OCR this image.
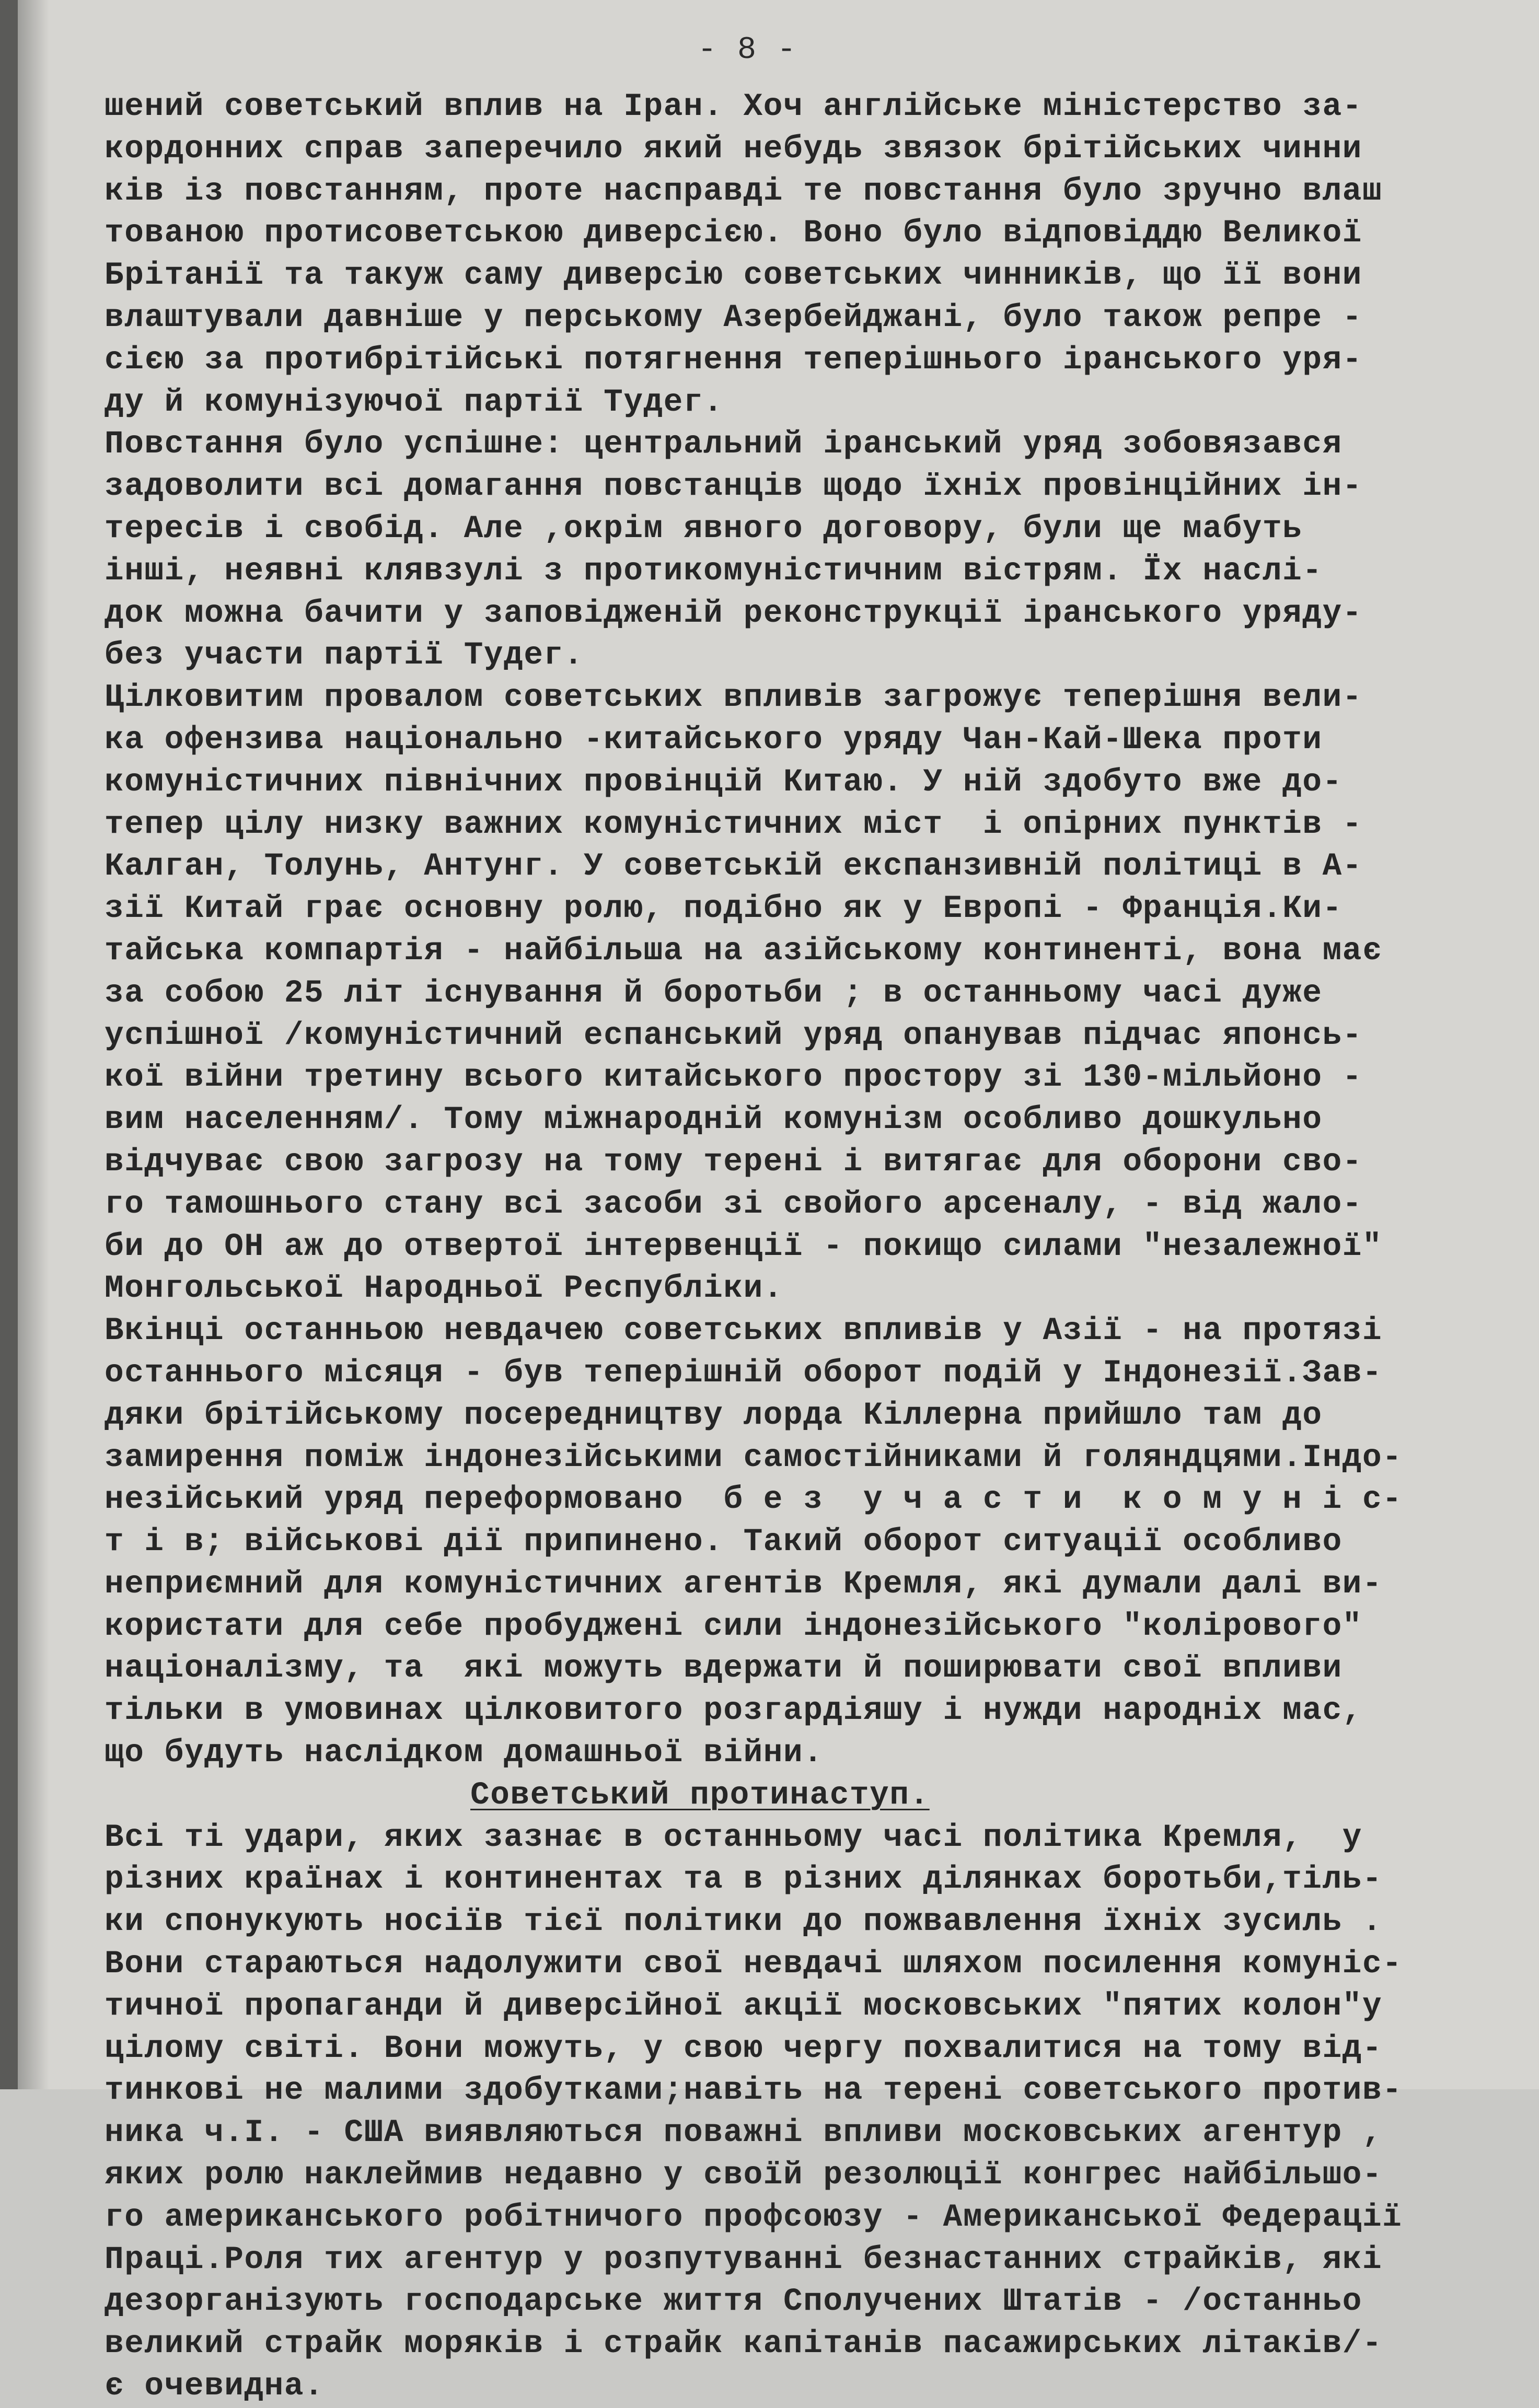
- 8 -
шений советський вплив на Іран. Хоч англійське міністерство за-
кордонних справ заперечило який небудь звязок брітійських чинни
ків із повстанням, проте насправді те повстання було зручно влаш
тованою протисоветською диверсією. Воно було відповіддю Великої
Брітанії та такуж саму диверсію советських чинників, що її вони
влаштували давніше у перському Азербейджані, було також репре -
сією за протибрітійські потягнення теперішнього іранського уря-
ду й комунізуючої партії Тудег.
Повстання було успішне: центральний іранський уряд зобовязався
задоволити всі домагання повстанців щодо їхніх провінційних ін-
тересів і свобід. Але ,окрім явного договору, були ще мабуть
інші, неявні клявзулі з протикомуністичним вістрям. Їх наслі-
док можна бачити у заповідженій реконструкції іранського уряду-
без участи партії Тудег.
Цілковитим провалом советських впливів загрожує теперішня вели-
ка офензива національно -китайського уряду Чан-Кай-Шека проти
комуністичних північних провінцій Китаю. У ній здобуто вже до-
тепер цілу низку важних комуністичних міст  і опірних пунктів -
Калган, Толунь, Антунг. У советській експанзивній політиці в А-
зії Китай грає основну ролю, подібно як у Европі - Франція.Ки-
тайська компартія - найбільша на азійському континенті, вона має
за собою 25 літ існування й боротьби ; в останньому часі дуже
успішної /комуністичний еспанський уряд опанував підчас японсь-
кої війни третину всього китайського простору зі 130-мільйоно -
вим населенням/. Тому міжнародній комунізм особливо дошкульно
відчуває свою загрозу на тому терені і витягає для оборони сво-
го тамошнього стану всі засоби зі свойого арсеналу, - від жало-
би до ОН аж до отвертої інтервенції - покищо силами "незалежної"
Монгольської Народньої Республіки.
Вкінці останньою невдачею советських впливів у Азії - на протязі
останнього місяця - був теперішній оборот подій у Індонезії.Зав-
дяки брітійському посередництву лорда Кіллерна прийшло там до
замирення поміж індонезійськими самостійниками й голяндцями.Індо-
незійський уряд переформовано  б е з  у ч а с т и  к о м у н і с-
т і в; військові дії припинено. Такий оборот ситуації особливо
неприємний для комуністичних агентів Кремля, які думали далі ви-
користати для себе пробуджені сили індонезійського "колірового"
націоналізму, та  які можуть вдержати й поширювати свої впливи
тільки в умовинах цілковитого розгардіяшу і нужди народніх мас,
що будуть наслідком домашньої війни.
Советський протинаступ.
Всі ті удари, яких зазнає в останньому часі політика Кремля,  у
різних країнах і континентах та в різних ділянках боротьби,тіль-
ки спонукують носіїв тієї політики до пожвавлення їхніх зусиль .
Вони стараються надолужити свої невдачі шляхом посилення комуніс-
тичної пропаганди й диверсійної акції московських "пятих колон"у
цілому світі. Вони можуть, у свою чергу похвалитися на тому від-
тинкові не малими здобутками;навіть на терені советського против-
ника ч.І. - США виявляються поважні впливи московських агентур ,
яких ролю наклеймив недавно у своїй резолюції конгрес найбільшо-
го американського робітничого профсоюзу - Американської Федерації
Праці.Роля тих агентур у розпутуванні безнастанних страйків, які
дезорганізують господарське життя Сполучених Штатів - /останньо
великий страйк моряків і страйк капітанів пасажирських літаків/-
є очевидна.
